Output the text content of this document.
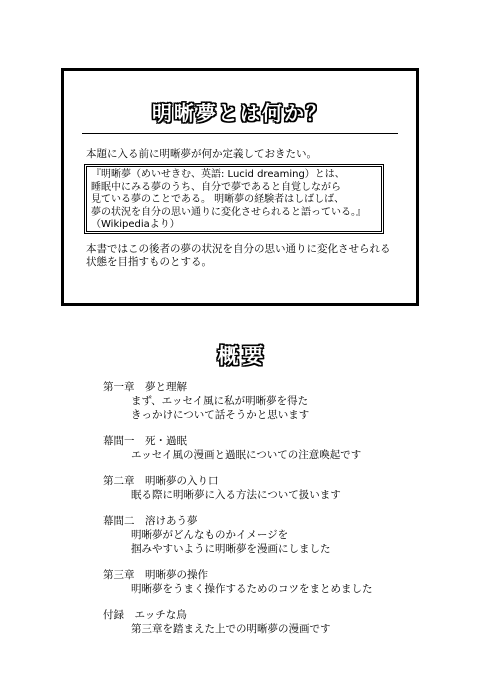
明晰夢とは何か？
本題に入る前に明晰夢が何か定義しておきたい。
『明晰夢（めいせきむ、英語: Lucid dreaming）とは、
睡眠中にみる夢のうち、自分で夢であると自覚しながら
見ている夢のことである。 明晰夢の経験者はしばしば、
夢の状況を自分の思い通りに変化させられると語っている。』
（Wikipediaより）
本書ではこの後者の夢の状況を自分の思い通りに変化させられる
状態を目指すものとする。
概要
第一章　夢と理解
まず、エッセイ風に私が明晰夢を得た
きっかけについて話そうかと思います
幕間一　死・過眠
エッセイ風の漫画と過眠についての注意喚起です
第二章　明晰夢の入り口
眠る際に明晰夢に入る方法について扱います
幕間二　溶けあう夢
明晰夢がどんなものかイメージを
掴みやすいように明晰夢を漫画にしました
第三章　明晰夢の操作
明晰夢をうまく操作するためのコツをまとめました
付録　エッチな鳥
第三章を踏まえた上での明晰夢の漫画です
